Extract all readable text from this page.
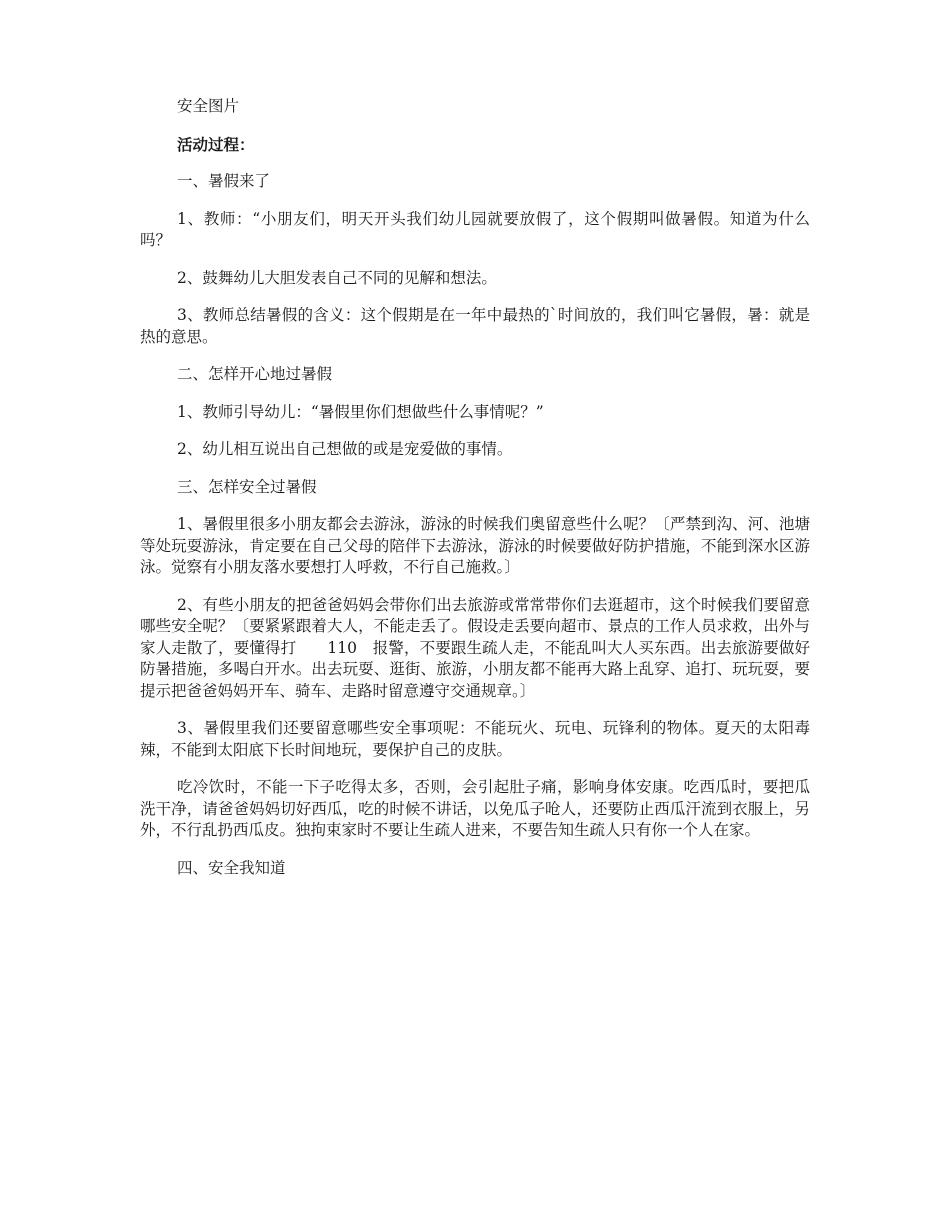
安全图片

活动过程：

一、暑假来了

1、教师：“小朋友们，明天开头我们幼儿园就要放假了，这个假期叫做暑假。知道为什么吗？

2、鼓舞幼儿大胆发表自己不同的见解和想法。

3、教师总结暑假的含义：这个假期是在一年中最热的`时间放的，我们叫它暑假，暑：就是热的意思。

二、怎样开心地过暑假

1、教师引导幼儿：“暑假里你们想做些什么事情呢？”

2、幼儿相互说出自己想做的或是宠爱做的事情。

三、怎样安全过暑假

1、暑假里很多小朋友都会去游泳，游泳的时候我们奥留意些什么呢？〔严禁到沟、河、池塘等处玩耍游泳，肯定要在自己父母的陪伴下去游泳，游泳的时候要做好防护措施，不能到深水区游泳。觉察有小朋友落水要想打人呼救，不行自己施救。〕

2、有些小朋友的把爸爸妈妈会带你们出去旅游或常常带你们去逛超市，这个时候我们要留意哪些安全呢？〔要紧紧跟着大人，不能走丢了。假设走丢要向超市、景点的工作人员求救，出外与家人走散了，要懂得打　　110　报警，不要跟生疏人走，不能乱叫大人买东西。出去旅游要做好防暑措施，多喝白开水。出去玩耍、逛街、旅游，小朋友都不能再大路上乱穿、追打、玩玩耍，要提示把爸爸妈妈开车、骑车、走路时留意遵守交通规章。〕

3、暑假里我们还要留意哪些安全事项呢：不能玩火、玩电、玩锋利的物体。夏天的太阳毒辣，不能到太阳底下长时间地玩，要保护自己的皮肤。

吃冷饮时，不能一下子吃得太多，否则，会引起肚子痛，影响身体安康。吃西瓜时，要把瓜洗干净，请爸爸妈妈切好西瓜，吃的时候不讲话，以免瓜子呛人，还要防止西瓜汗流到衣服上，另外，不行乱扔西瓜皮。独拘束家时不要让生疏人进来，不要告知生疏人只有你一个人在家。

四、安全我知道
